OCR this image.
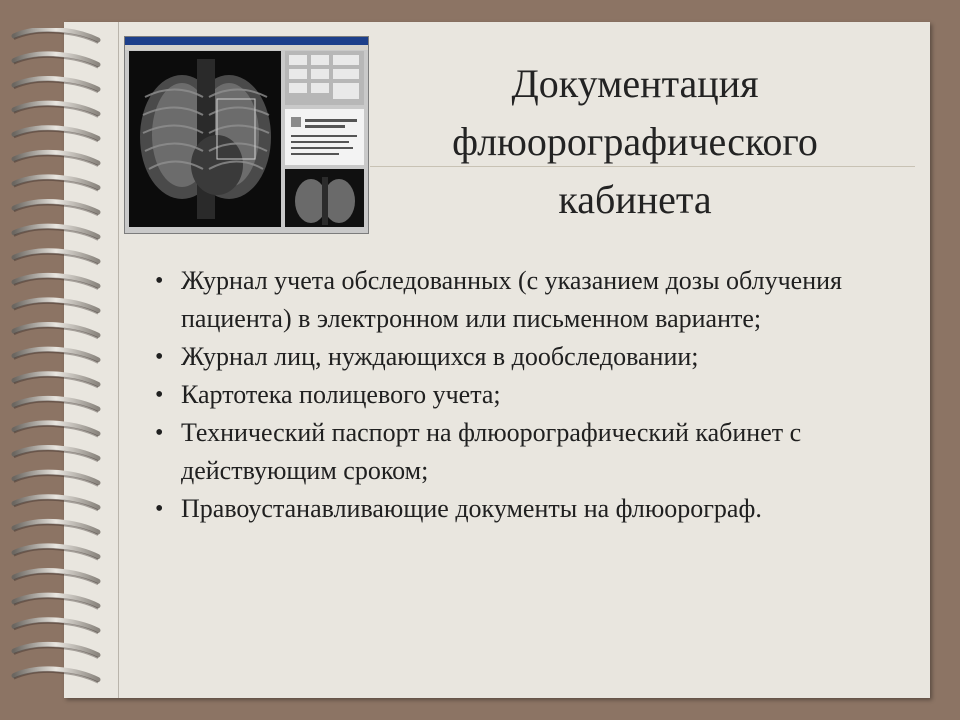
Документация
флюорографического
кабинета
• Журнал учета обследованных (с указанием дозы облучения пациента) в электронном или письменном варианте;
• Журнал лиц, нуждающихся в дообследовании;
• Картотека полицевого учета;
• Технический паспорт на флюорографический кабинет с действующим сроком;
• Правоустанавливающие документы на флюорограф.
